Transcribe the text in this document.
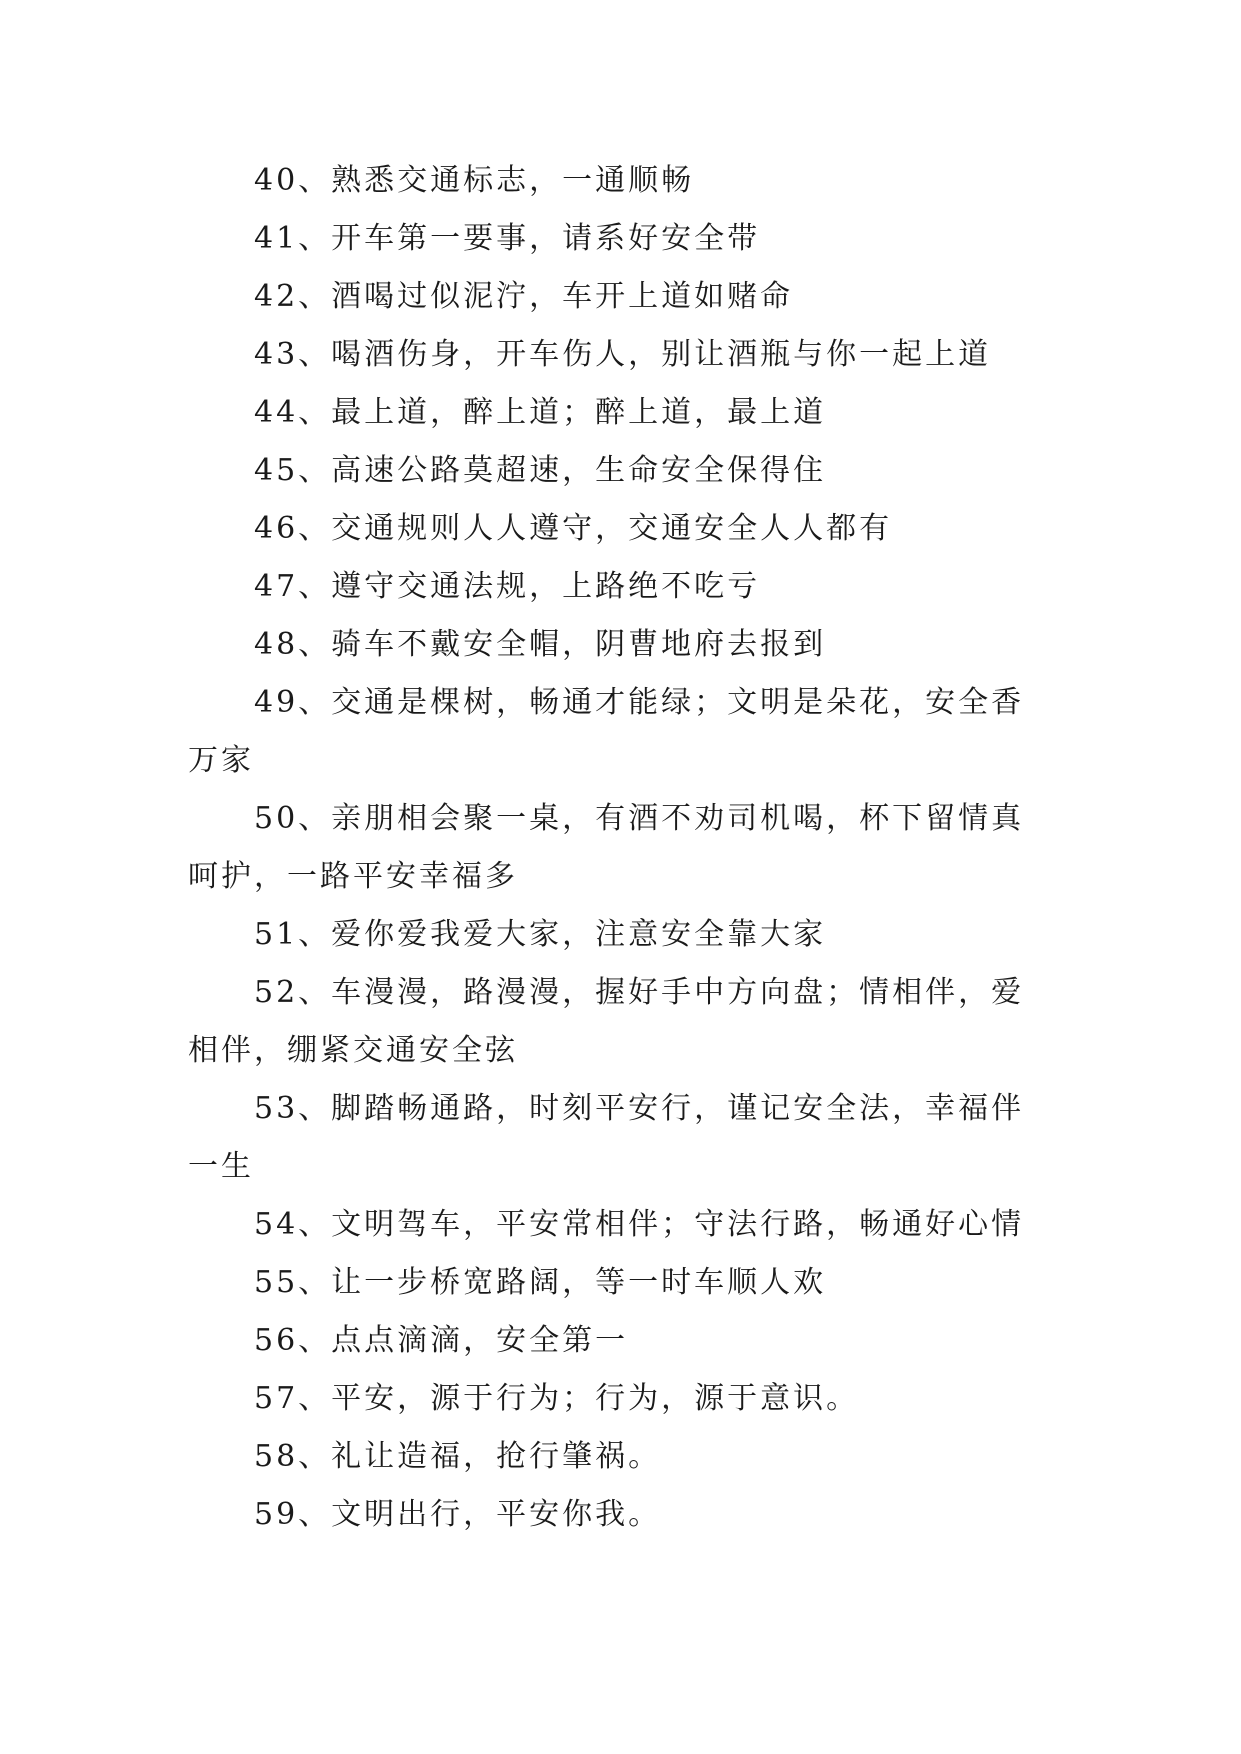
40、熟悉交通标志，一通顺畅

41、开车第一要事，请系好安全带

42、酒喝过似泥泞，车开上道如赌命

43、喝酒伤身，开车伤人，别让酒瓶与你一起上道

44、最上道，醉上道；醉上道，最上道

45、高速公路莫超速，生命安全保得住

46、交通规则人人遵守，交通安全人人都有

47、遵守交通法规，上路绝不吃亏

48、骑车不戴安全帽，阴曹地府去报到

49、交通是棵树，畅通才能绿；文明是朵花，安全香万家

50、亲朋相会聚一桌，有酒不劝司机喝，杯下留情真呵护，一路平安幸福多

51、爱你爱我爱大家，注意安全靠大家

52、车漫漫，路漫漫，握好手中方向盘；情相伴，爱相伴，绷紧交通安全弦

53、脚踏畅通路，时刻平安行，谨记安全法，幸福伴一生

54、文明驾车，平安常相伴；守法行路，畅通好心情

55、让一步桥宽路阔，等一时车顺人欢

56、点点滴滴，安全第一

57、平安，源于行为；行为，源于意识。

58、礼让造福，抢行肇祸。

59、文明出行，平安你我。
